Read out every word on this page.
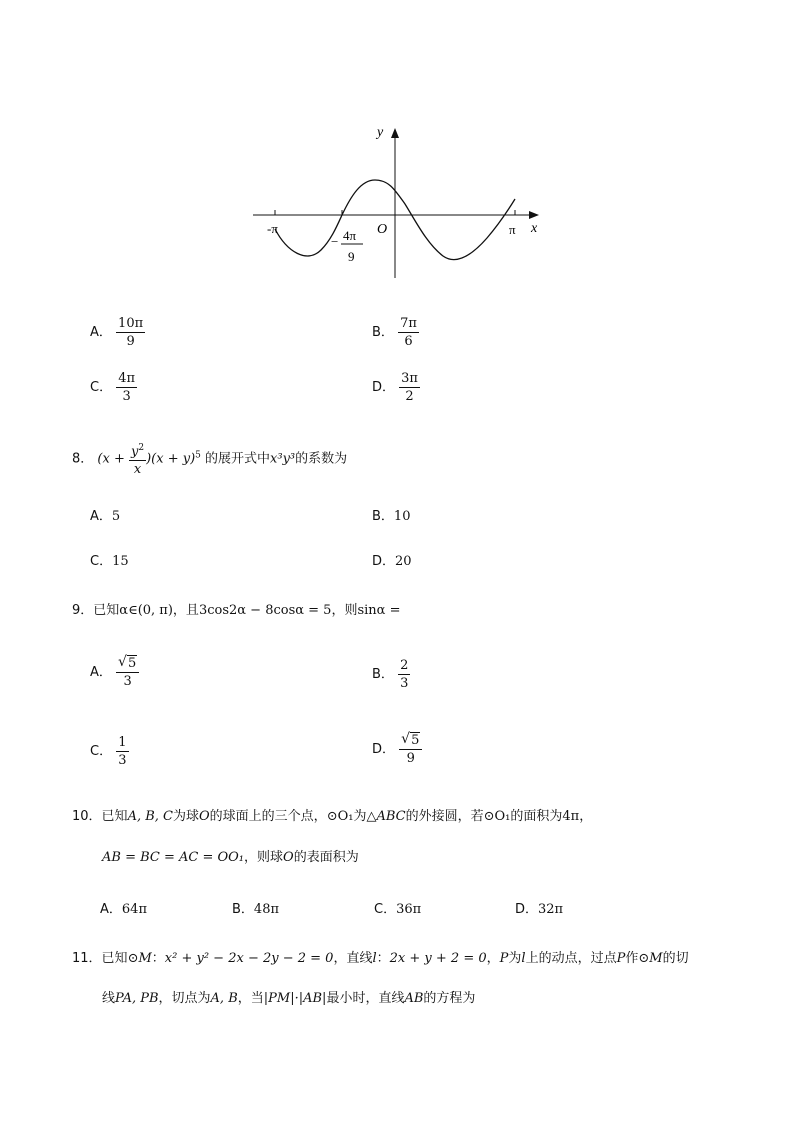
y
x
O
-π	π
− 4π
9
A． $\frac{10\pi}{9}$	B． $\frac{7\pi}{6}$
C． $\frac{4\pi}{3}$	D． $\frac{3\pi}{2}$
8． $(x + \frac{y^2}{x} )(x + y)^5$ 的展开式中x³y³的系数为
A．5	B．10
C．15	D．20
9．已知α∈(0, π)，且3cos2α − 8cosα = 5，则sinα =
A． √ $\frac{5}{3}$	B． $\frac{2}{3}$
C． $\frac{1}{3}$	D． √ $\frac{5}{9}$
10．已知A, B, C为球O的球面上的三个点，⊙O₁为△ABC的外接圆，若⊙O₁的面积为4π，
AB = BC = AC = OO₁，则球O的表面积为
A．64π	B．48π	C．36π	D．32π
11．已知⊙M：x² + y² − 2x − 2y − 2 = 0，直线l：2x + y + 2 = 0，P为l上的动点，过点P作⊙M的切
线PA, PB，切点为A, B，当|PM|·|AB|最小时，直线AB的方程为
